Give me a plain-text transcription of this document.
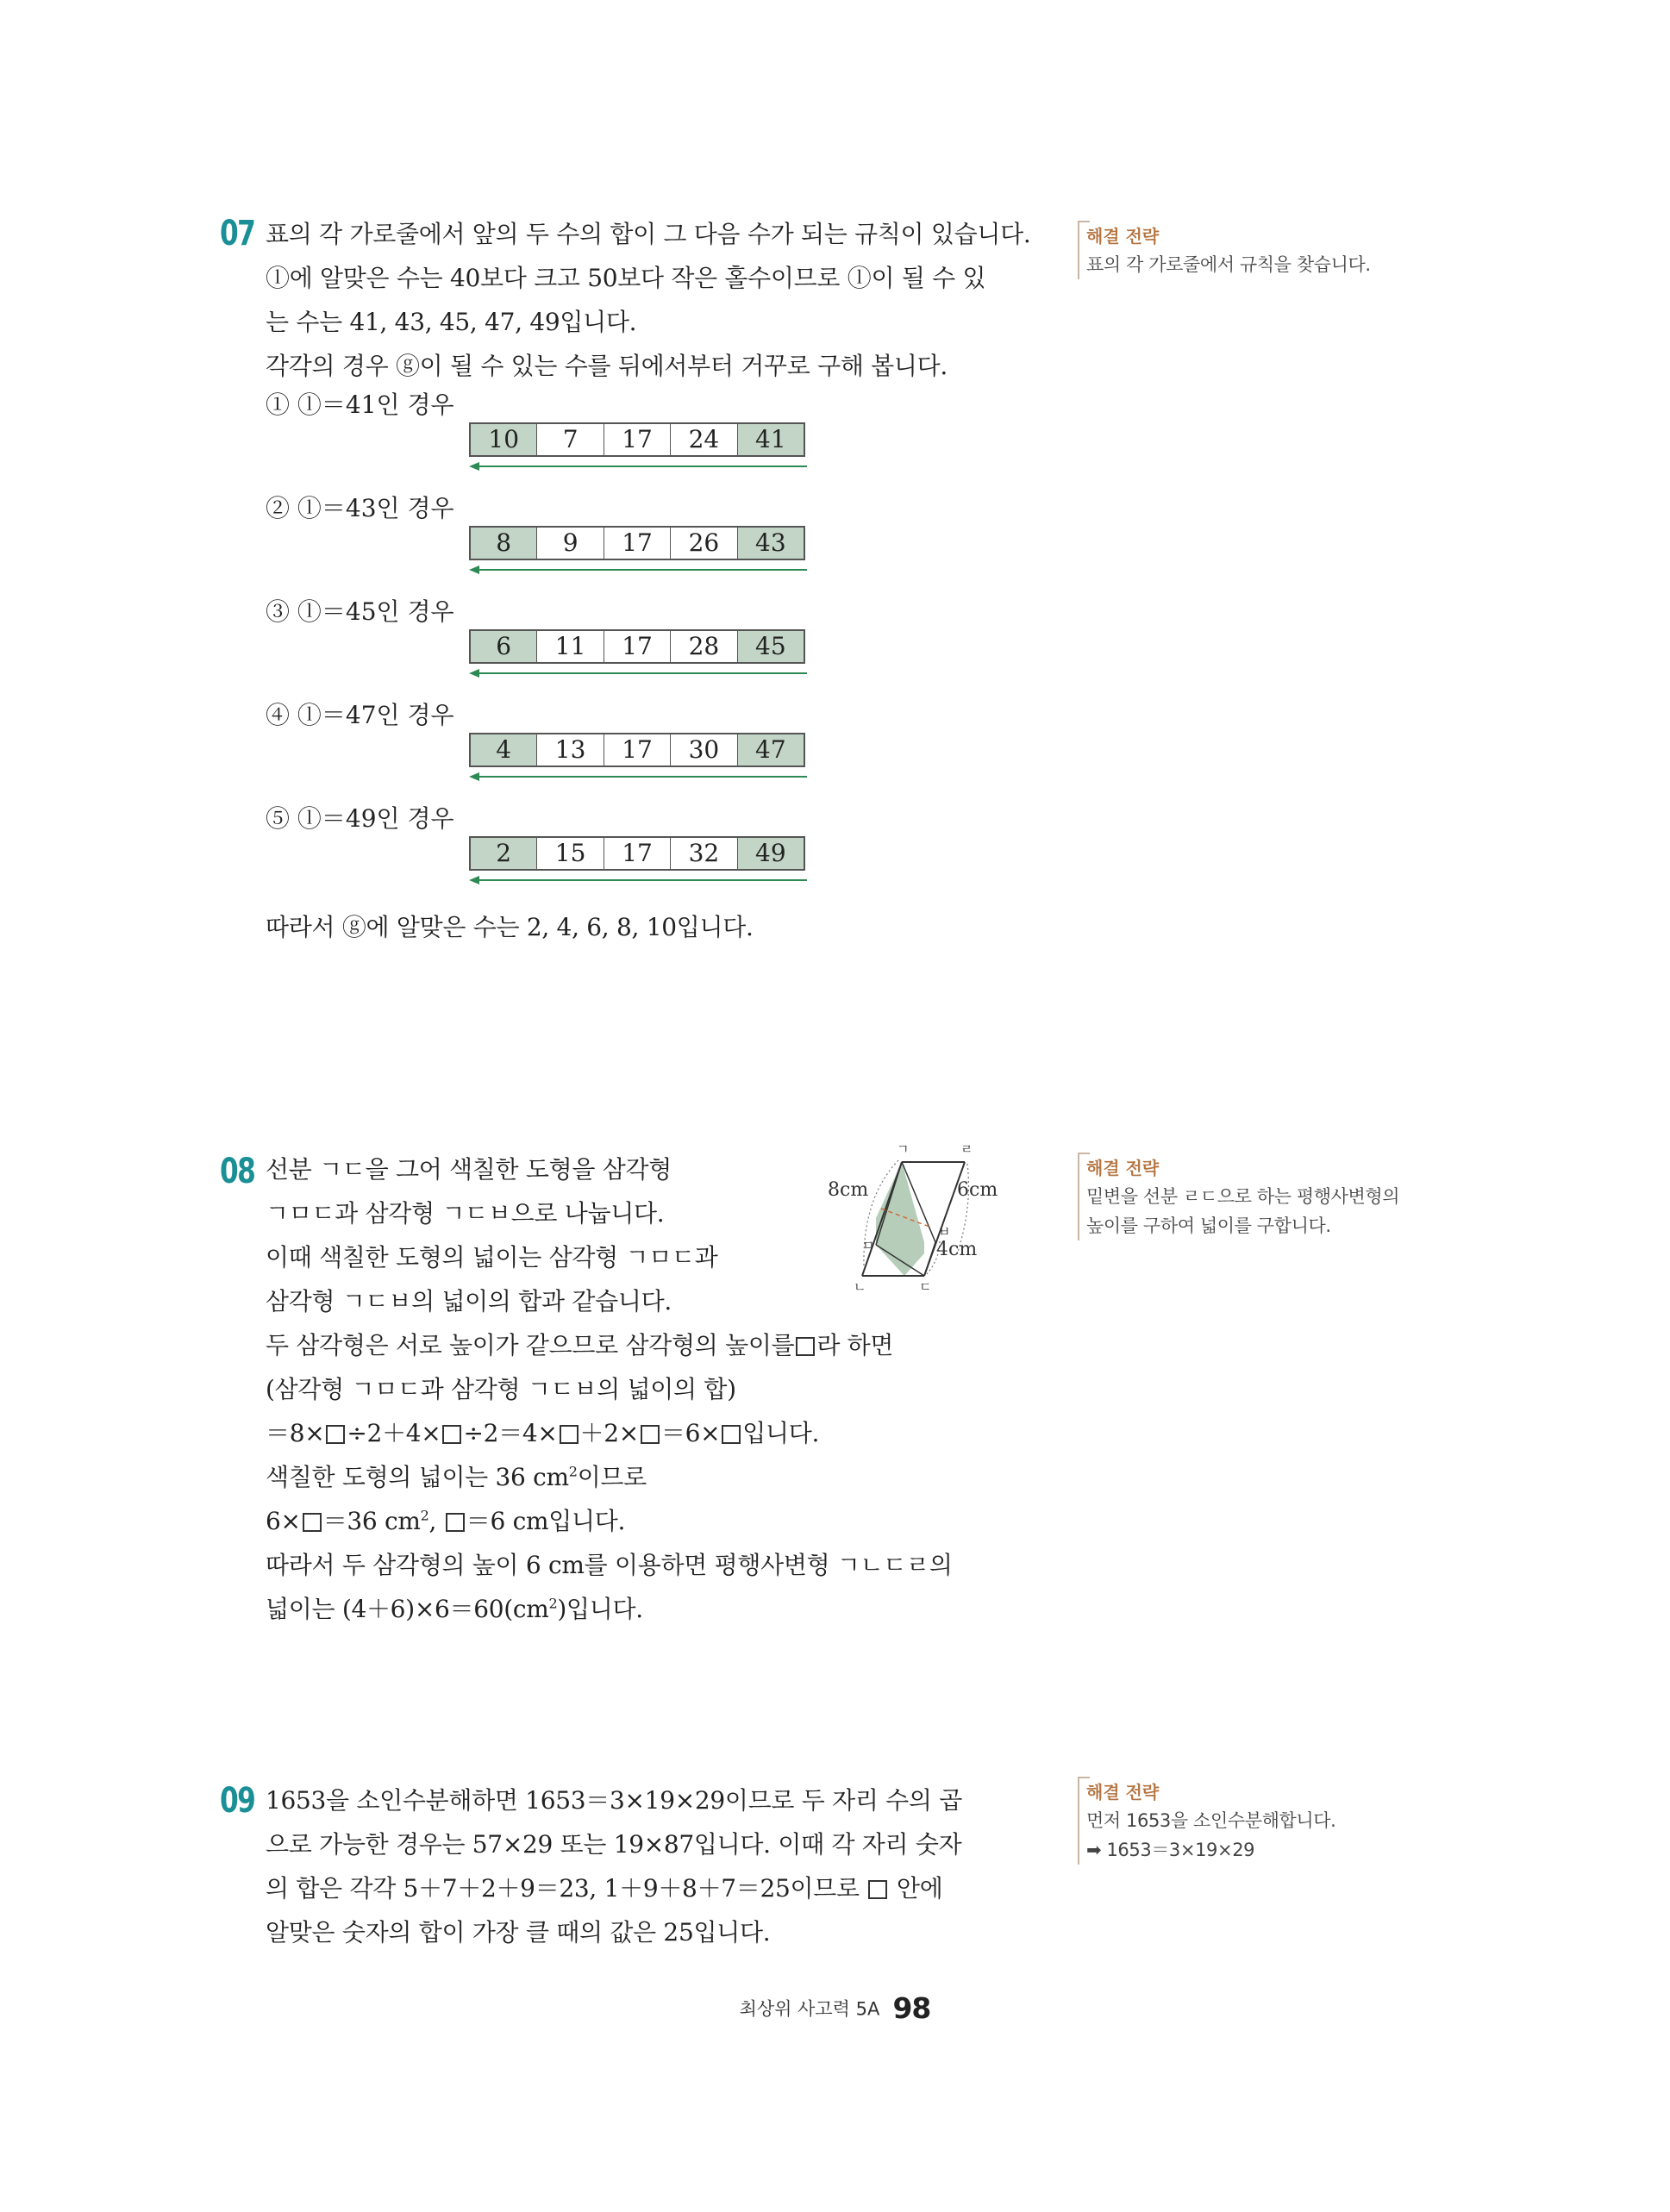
07 표의 각 가로줄에서 앞의 두 수의 합이 그 다음 수가 되는 규칙이 있습니다.
ⓛ에 알맞은 수는 40보다 크고 50보다 작은 홀수이므로 ⓛ이 될 수 있
는 수는 41, 43, 45, 47, 49입니다.
각각의 경우 ⓖ이 될 수 있는 수를 뒤에서부터 거꾸로 구해 봅니다.
① ⓛ＝41인 경우
10	7	17	24	41
② ⓛ＝43인 경우
8	9	17	26	43
③ ⓛ＝45인 경우
6	11	17	28	45
④ ⓛ＝47인 경우
4	13	17	30	47
⑤ ⓛ＝49인 경우
2	15	17	32	49
따라서 ⓖ에 알맞은 수는 2, 4, 6, 8, 10입니다.
해결 전략
표의 각 가로줄에서 규칙을 찾습니다.
08 선분 ㄱㄷ을 그어 색칠한 도형을 삼각형
ㄱㅁㄷ과 삼각형 ㄱㄷㅂ으로 나눕니다.
이때 색칠한 도형의 넓이는 삼각형 ㄱㅁㄷ과
삼각형 ㄱㄷㅂ의 넓이의 합과 같습니다.
두 삼각형은 서로 높이가 같으므로 삼각형의 높이를 라 하면
(삼각형 ㄱㅁㄷ과 삼각형 ㄱㄷㅂ의 넓이의 합)
＝8× ÷2＋4× ÷2＝4× ＋2× ＝6× 입니다.
색칠한 도형의 넓이는 36 $cm^2$이므로
6× ＝36 $cm^2$, ＝6 cm입니다.
따라서 두 삼각형의 높이 6 cm를 이용하면 평행사변형 ㄱㄴㄷㄹ의
넓이는 $(4+6)\times 6=60(cm^2)$입니다.
ㄱ	ㄹ
ㅁ
ㅂ
ㄴ	ㄷ
8cm	6cm
4cm
해결 전략
밑변을 선분 ㄹㄷ으로 하는 평행사변형의
높이를 구하여 넓이를 구합니다.
09 1653을 소인수분해하면 1653＝3×19×29이므로 두 자리 수의 곱
으로 가능한 경우는 57×29 또는 19×87입니다. 이때 각 자리 숫자
의 합은 각각 5＋7＋2＋9＝23, 1＋9＋8＋7＝25이므로 안에
알맞은 숫자의 합이 가장 클 때의 값은 25입니다.
해결 전략
먼저 1653을 소인수분해합니다.
➡ 1653＝3×19×29
최상위 사고력 5A 98
